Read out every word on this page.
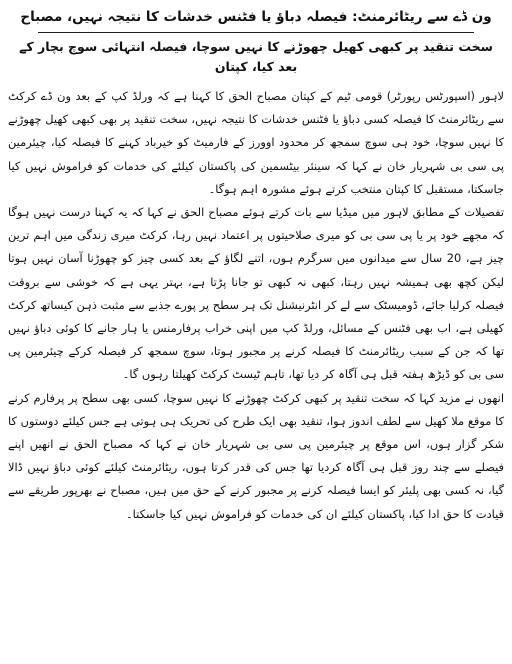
ون ڈے سے ریٹائرمنٹ: فیصلہ دباؤ یا فٹنس خدشات کا نتیجہ نہیں، مصباح
سخت تنقید پر کبھی کھیل چھوڑنے کا نہیں سوچا، فیصلہ انتہائی سوچ بچار کے بعد کیا، کپتان

لاہور (اسپورٹس رپورٹر) قومی ٹیم کے کپتان مصباح الحق کا کہنا ہے کہ ورلڈ کپ کے بعد ون ڈے کرکٹ سے ریٹائرمنٹ کا فیصلہ کسی دباؤ یا فٹنس خدشات کا نتیجہ نہیں، سخت تنقید پر بھی کبھی کھیل چھوڑنے کا نہیں سوچا، خود ہی سوچ سمجھ کر محدود اوورز کے فارمیٹ کو خیرباد کہنے کا فیصلہ کیا، چیئرمین پی سی بی شہریار خان نے کہا کہ سینئر بیٹسمین کی پاکستان کیلئے کی خدمات کو فراموش نہیں کیا جاسکتا، مستقبل کا کپتان منتخب کرتے ہوئے مشورہ اہم ہوگا۔

تفصیلات کے مطابق لاہور میں میڈیا سے بات کرتے ہوئے مصباح الحق نے کہا کہ یہ کہنا درست نہیں ہوگا کہ مجھے خود پر یا پی سی بی کو میری صلاحیتوں پر اعتماد نہیں رہا، کرکٹ میری زندگی میں اہم ترین چیز ہے، 20 سال سے میدانوں میں سرگرم ہوں، اتنے لگاؤ کے بعد کسی چیز کو چھوڑنا آسان نہیں ہوتا لیکن کچھ بھی ہمیشہ نہیں رہتا، کبھی نہ کبھی تو جانا پڑتا ہے، بہتر یہی ہے کہ خوشی سے بروقت فیصلہ کرلیا جائے، ڈومیسٹک سے لے کر انٹرنیشنل تک ہر سطح پر پورے جذبے سے مثبت ذہن کیساتھ کرکٹ کھیلی ہے، اب بھی فٹنس کے مسائل، ورلڈ کپ میں اپنی خراب پرفارمنس یا ہار جانے کا کوئی دباؤ نہیں تھا کہ جن کے سبب ریٹائرمنٹ کا فیصلہ کرنے پر مجبور ہوتا، سوچ سمجھ کر فیصلہ کرکے چیئرمین پی سی بی کو ڈیڑھ ہفتہ قبل ہی آگاہ کر دیا تھا، تاہم ٹیسٹ کرکٹ کھیلتا رہوں گا۔

انھوں نے مزید کہا کہ سخت تنقید پر کبھی کرکٹ چھوڑنے کا نہیں سوچا، کسی بھی سطح پر پرفارم کرنے کا موقع ملا کھیل سے لطف اندوز ہوا، تنقید بھی ایک طرح کی تحریک ہی ہوتی ہے جس کیلئے دوستوں کا شکر گزار ہوں، اس موقع پر چیئرمین پی سی بی شہریار خان نے کہا کہ مصباح الحق نے انھیں اپنے فیصلے سے چند روز قبل ہی آگاہ کردیا تھا جس کی قدر کرتا ہوں، ریٹائرمنٹ کیلئے کوئی دباؤ نہیں ڈالا گیا، نہ کسی بھی پلیئر کو ایسا فیصلہ کرنے پر مجبور کرنے کے حق میں ہیں، مصباح نے بھرپور طریقے سے قیادت کا حق ادا کیا، پاکستان کیلئے ان کی خدمات کو فراموش نہیں کیا جاسکتا۔
